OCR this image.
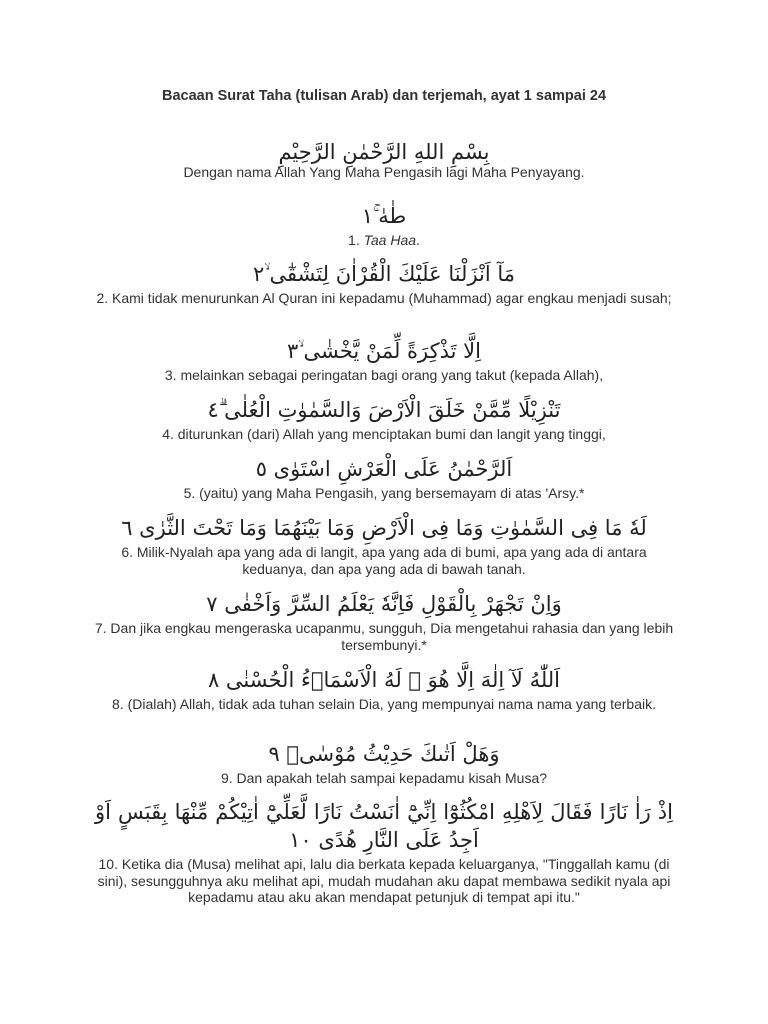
Bacaan Surat Taha (tulisan Arab) dan terjemah, ayat 1 sampai 24
بِسْمِ اللهِ الرَّحْمٰنِ الرَّحِيْمِ
Dengan nama Allah Yang Maha Pengasih lagi Maha Penyayang.
طٰهٰ ۚ١
1. Taa Haa.
مَآ اَنْزَلْنَا عَلَيْكَ الْقُرْاٰنَ لِتَشْقٰٓى ۙ٢
2. Kami tidak menurunkan Al Quran ini kepadamu (Muhammad) agar engkau menjadi susah;
اِلَّا تَذْكِرَةً لِّمَنْ يَّخْشٰى ۙ٣
3. melainkan sebagai peringatan bagi orang yang takut (kepada Allah),
تَنْزِيْلًا مِّمَّنْ خَلَقَ الْاَرْضَ وَالسَّمٰوٰتِ الْعُلٰى ۗ٤
4. diturunkan (dari) Allah yang menciptakan bumi dan langit yang tinggi,
اَلرَّحْمٰنُ عَلَى الْعَرْشِ اسْتَوٰى ٥
5. (yaitu) yang Maha Pengasih, yang bersemayam di atas 'Arsy.*
لَهٗ مَا فِى السَّمٰوٰتِ وَمَا فِى الْاَرْضِ وَمَا بَيْنَهُمَا وَمَا تَحْتَ الثَّرٰى ٦
6. Milik-Nyalah apa yang ada di langit, apa yang ada di bumi, apa yang ada di antara keduanya, dan apa yang ada di bawah tanah.
وَاِنْ تَجْهَرْ بِالْقَوْلِ فَاِنَّهٗ يَعْلَمُ السِّرَّ وَاَخْفٰى ٧
7. Dan jika engkau mengeraska ucapanmu, sungguh, Dia mengetahui rahasia dan yang lebih tersembunyi.*
اَللّٰهُ لَآ اِلٰهَ اِلَّا هُوَ ۗ لَهُ الْاَسْمَاۤءُ الْحُسْنٰى ٨
8. (Dialah) Allah, tidak ada tuhan selain Dia, yang mempunyai nama nama yang terbaik.
وَهَلْ اَتٰىكَ حَدِيْثُ مُوْسٰىۘ ٩
9. Dan apakah telah sampai kepadamu kisah Musa?
اِذْ رَاٰ نَارًا فَقَالَ لِاَهْلِهِ امْكُثُوْٓا اِنِّيْٓ اٰنَسْتُ نَارًا لَّعَلِّيْٓ اٰتِيْكُمْ مِّنْهَا بِقَبَسٍ اَوْ اَجِدُ عَلَى النَّارِ هُدًى ١٠
10. Ketika dia (Musa) melihat api, lalu dia berkata kepada keluarganya, "Tinggallah kamu (di sini), sesungguhnya aku melihat api, mudah mudahan aku dapat membawa sedikit nyala api kepadamu atau aku akan mendapat petunjuk di tempat api itu."
